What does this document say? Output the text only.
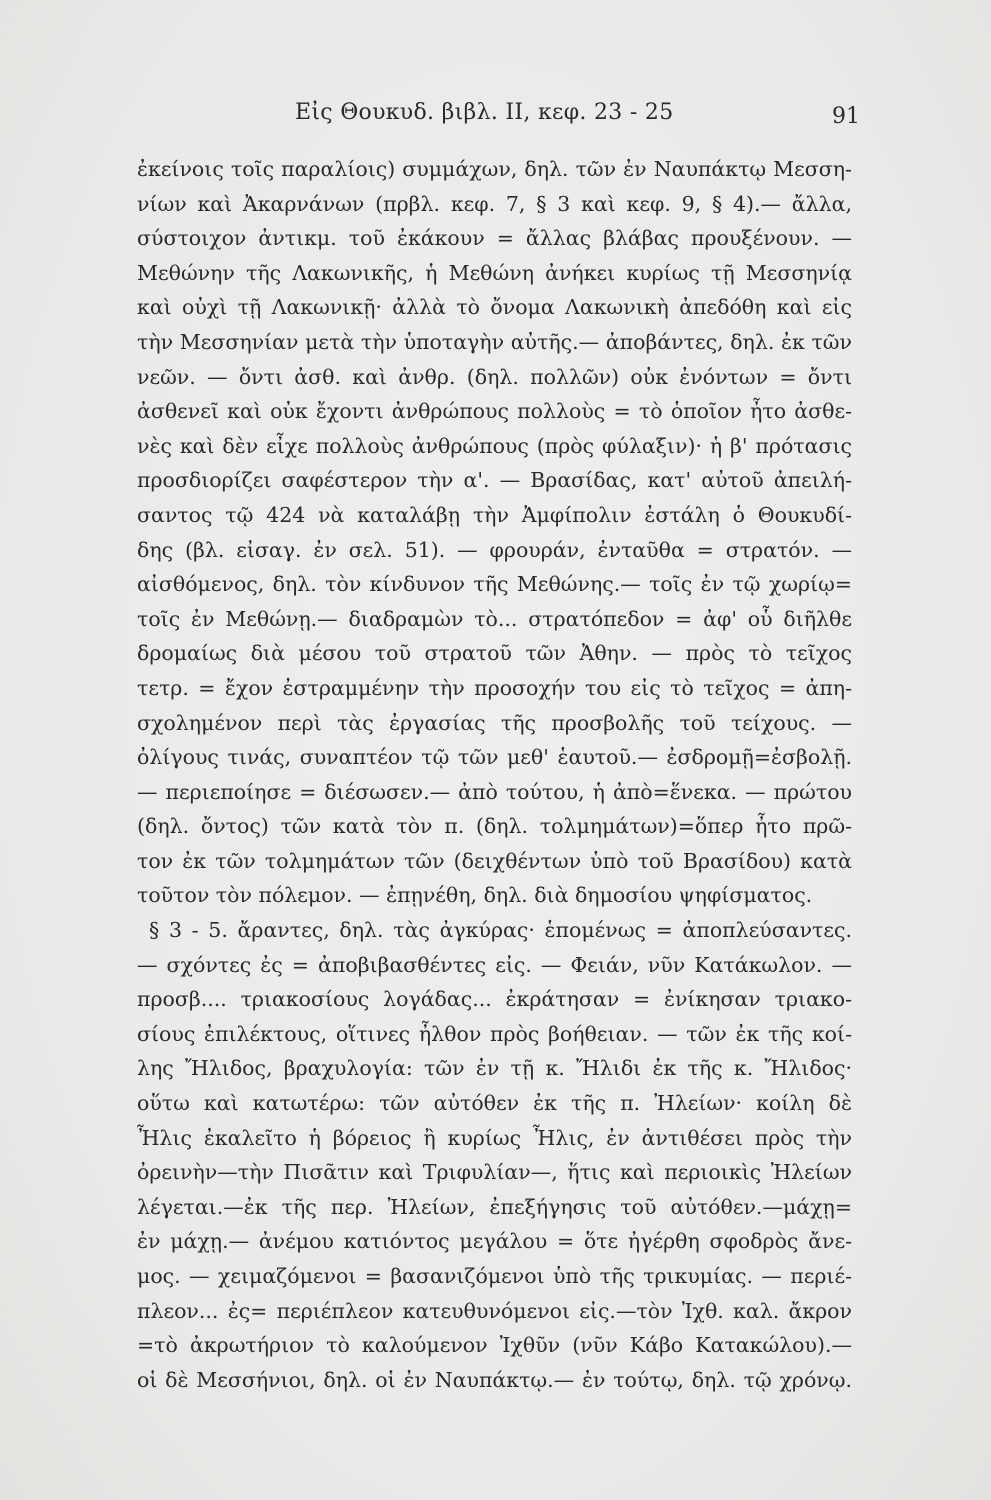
Εἰς Θουκυδ. βιβλ. ΙΙ, κεφ. 23 - 25	91
ἐκείνοις τοῖς παραλίοις) συμμάχων, δηλ. τῶν ἐν Ναυπάκτῳ Μεσση-
νίων καὶ Ἀκαρνάνων (πρβλ. κεφ. 7, § 3 καὶ κεφ. 9, § 4).— ἄλλα,
σύστοιχον ἀντικμ. τοῦ ἐκάκουν = ἄλλας βλάβας προυξένουν. —
Μεθώνην τῆς Λακωνικῆς, ἡ Μεθώνη ἀνήκει κυρίως τῇ Μεσσηνίᾳ
καὶ οὐχὶ τῇ Λακωνικῇ· ἀλλὰ τὸ ὄνομα Λακωνικὴ ἀπεδόθη καὶ εἰς
τὴν Μεσσηνίαν μετὰ τὴν ὑποταγὴν αὐτῆς.— ἀποβάντες, δηλ. ἐκ τῶν
νεῶν. — ὄντι ἀσθ. καὶ ἀνθρ. (δηλ. πολλῶν) οὐκ ἐνόντων = ὄντι
ἀσθενεῖ καὶ οὐκ ἔχοντι ἀνθρώπους πολλοὺς = τὸ ὁποῖον ἦτο ἀσθε-
νὲς καὶ δὲν εἶχε πολλοὺς ἀνθρώπους (πρὸς φύλαξιν)· ἡ β' πρότασις
προσδιορίζει σαφέστερον τὴν α'. — Βρασίδας, κατ' αὐτοῦ ἀπειλή-
σαντος τῷ 424 νὰ καταλάβῃ τὴν Ἀμφίπολιν ἐστάλη ὁ Θουκυδί-
δης (βλ. εἰσαγ. ἐν σελ. 51). — φρουράν, ἐνταῦθα = στρατόν. —
αἰσθόμενος, δηλ. τὸν κίνδυνον τῆς Μεθώνης.— τοῖς ἐν τῷ χωρίῳ=
τοῖς ἐν Μεθώνῃ.— διαδραμὼν τὸ... στρατόπεδον = ἀφ' οὗ διῆλθε
δρομαίως διὰ μέσου τοῦ στρατοῦ τῶν Ἀθην. — πρὸς τὸ τεῖχος
τετρ. = ἔχον ἐστραμμένην τὴν προσοχήν του εἰς τὸ τεῖχος = ἀπη-
σχολημένον περὶ τὰς ἐργασίας τῆς προσβολῆς τοῦ τείχους. —
ὀλίγους τινάς, συναπτέον τῷ τῶν μεθ' ἑαυτοῦ.— ἐσδρομῇ=ἐσβολῇ.
— περιεποίησε = διέσωσεν.— ἀπὸ τούτου, ἡ ἀπὸ=ἕνεκα. — πρώτου
(δηλ. ὄντος) τῶν κατὰ τὸν π. (δηλ. τολμημάτων)=ὅπερ ἦτο πρῶ-
τον ἐκ τῶν τολμημάτων τῶν (δειχθέντων ὑπὸ τοῦ Βρασίδου) κατὰ
τοῦτον τὸν πόλεμον. — ἐπῃνέθη, δηλ. διὰ δημοσίου ψηφίσματος.
§ 3 - 5. ἄραντες, δηλ. τὰς ἀγκύρας· ἑπομένως = ἀποπλεύσαντες.
— σχόντες ἐς = ἀποβιβασθέντες εἰς. — Φειάν, νῦν Κατάκωλον. —
προσβ.... τριακοσίους λογάδας... ἐκράτησαν = ἐνίκησαν τριακο-
σίους ἐπιλέκτους, οἵτινες ἦλθον πρὸς βοήθειαν. — τῶν ἐκ τῆς κοί-
λης Ἤλιδος, βραχυλογία: τῶν ἐν τῇ κ. Ἤλιδι ἐκ τῆς κ. Ἤλιδος·
οὕτω καὶ κατωτέρω: τῶν αὐτόθεν ἐκ τῆς π. Ἠλείων· κοίλη δὲ
Ἦλις ἐκαλεῖτο ἡ βόρειος ἢ κυρίως Ἦλις, ἐν ἀντιθέσει πρὸς τὴν
ὀρεινὴν—τὴν Πισᾶτιν καὶ Τριφυλίαν—, ἥτις καὶ περιοικὶς Ἠλείων
λέγεται.—ἐκ τῆς περ. Ἠλείων, ἐπεξήγησις τοῦ αὐτόθεν.—μάχῃ=
ἐν μάχῃ.— ἀνέμου κατιόντος μεγάλου = ὅτε ἠγέρθη σφοδρὸς ἄνε-
μος. — χειμαζόμενοι = βασανιζόμενοι ὑπὸ τῆς τρικυμίας. — περιέ-
πλεον... ἐς= περιέπλεον κατευθυνόμενοι εἰς.—τὸν Ἰχθ. καλ. ἄκρον
=τὸ ἀκρωτήριον τὸ καλούμενον Ἰχθῦν (νῦν Κάβο Κατακώλου).—
οἱ δὲ Μεσσήνιοι, δηλ. οἱ ἐν Ναυπάκτῳ.— ἐν τούτῳ, δηλ. τῷ χρόνῳ.
